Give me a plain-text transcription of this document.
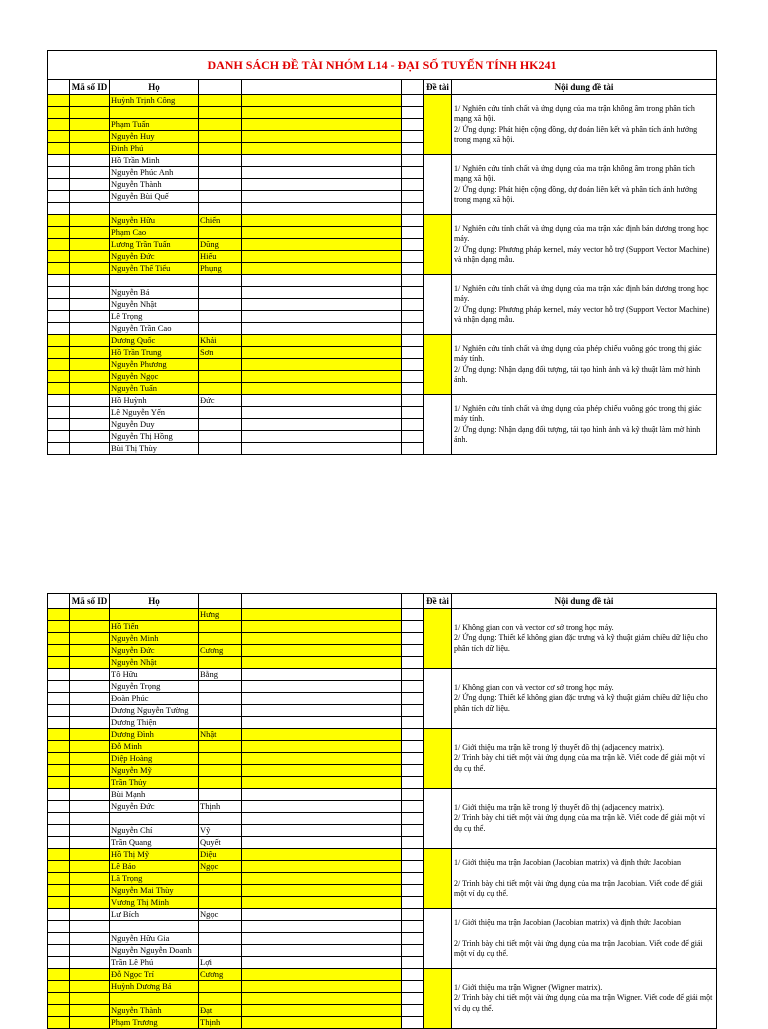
DANH SÁCH ĐỀ TÀI NHÓM L14 - ĐẠI SỐ TUYẾN TÍNH HK241							
	Mã số ID	Họ				Đề tài	Nội dung đề tài
		Huỳnh Trịnh Công					1/ Nghiên cứu tính chất và ứng dụng của ma trận không âm trong phân tích mạng xã hội.
2/ Ứng dụng: Phát hiện cộng đồng, dự đoán liên kết và phân tích ảnh hưởng trong mạng xã hội.

		Phạm Tuấn					
		Nguyễn Huy					
		Đinh Phú					
		Hồ Trần Minh					1/ Nghiên cứu tính chất và ứng dụng của ma trận không âm trong phân tích mạng xã hội.
2/ Ứng dụng: Phát hiện cộng đồng, dự đoán liên kết và phân tích ảnh hưởng trong mạng xã hội.
		Nguyễn Phúc Anh					
		Nguyễn Thành					
		Nguyễn Bùi Quế					

		Nguyễn Hữu	Chiến				1/ Nghiên cứu tính chất và ứng dụng của ma trận xác định bán dương trong học máy.
2/ Ứng dụng: Phương pháp kernel, máy vector hỗ trợ (Support Vector Machine) và nhận dạng mẫu.
		Phạm Cao					
		Lương Trần Tuấn	Dũng				
		Nguyễn Đức	Hiếu				
		Nguyễn Thế Tiểu	Phụng				
							1/ Nghiên cứu tính chất và ứng dụng của ma trận xác định bán dương trong học máy.
2/ Ứng dụng: Phương pháp kernel, máy vector hỗ trợ (Support Vector Machine) và nhận dạng mẫu.
		Nguyễn Bá					
		Nguyễn Nhật					
		Lê Trọng					
		Nguyễn Trần Cao					
		Dương Quốc	Khải				1/ Nghiên cứu tính chất và ứng dụng của phép chiếu vuông góc trong thị giác máy tính.
2/ Ứng dụng: Nhận dạng đối tượng, tái tạo hình ảnh và kỹ thuật làm mờ hình ảnh.
		Hồ Trần Trung	Sơn				
		Nguyễn Phương					
		Nguyễn Ngọc					
		Nguyễn Tuấn					
		Hồ Huỳnh	Đức				1/ Nghiên cứu tính chất và ứng dụng của phép chiếu vuông góc trong thị giác máy tính.
2/ Ứng dụng: Nhận dạng đối tượng, tái tạo hình ảnh và kỹ thuật làm mờ hình ảnh.
		Lê Nguyễn Yến					
		Nguyễn Duy					
		Nguyễn Thị Hồng					
		Bùi Thị Thùy					
	Mã số ID	Họ				Đề tài	Nội dung đề tài
			Hưng				1/ Không gian con và vector cơ sở trong học máy.
2/ Ứng dụng: Thiết kế không gian đặc trưng và kỹ thuật giảm chiều dữ liệu cho phân tích dữ liệu.
		Hồ Tiến					
		Nguyễn Minh					
		Nguyễn Đức	Cương				
		Nguyễn Nhật					
		Tô Hữu	Bằng				1/ Không gian con và vector cơ sở trong học máy.
2/ Ứng dụng: Thiết kế không gian đặc trưng và kỹ thuật giảm chiều dữ liệu cho phân tích dữ liệu.
		Nguyễn Trọng					
		Đoàn Phúc					
		Dương Nguyễn Tường					
		Dương Thiện					
		Dương Đình	Nhật				1/ Giới thiệu ma trận kề trong lý thuyết đồ thị (adjacency matrix).
2/ Trình bày chi tiết một vài ứng dụng của ma trận kề. Viết code để giải một ví dụ cụ thể.
		Đỗ Minh					
		Diệp Hoàng					
		Nguyễn Mỹ					
		Trần Thủy					
		Bùi Mạnh					1/ Giới thiệu ma trận kề trong lý thuyết đồ thị (adjacency matrix).
2/ Trình bày chi tiết một vài ứng dụng của ma trận kề. Viết code để giải một ví dụ cụ thể.
		Nguyễn Đức	Thịnh				

		Nguyễn Chí	Vỹ				
		Trần Quang	Quyết				
		Hồ Thị Mỹ	Diệu				1/ Giới thiệu ma trận Jacobian (Jacobian matrix) và định thức Jacobian

2/ Trình bày chi tiết một vài ứng dụng của ma trận Jacobian. Viết code để giải một ví dụ cụ thể.
		Lê Bảo	Ngọc				
		Lã Trọng					
		Nguyễn Mai Thùy					
		Vương Thị Minh					
		Lư Bích	Ngọc				1/ Giới thiệu ma trận Jacobian (Jacobian matrix) và định thức Jacobian

2/ Trình bày chi tiết một vài ứng dụng của ma trận Jacobian. Viết code để giải một ví dụ cụ thể.

		Nguyễn Hữu Gia					
		Nguyễn Nguyễn Doanh					
		Trần Lê Phú	Lợi				
		Đỗ Ngọc Trí	Cương				1/ Giới thiệu ma trận Wigner (Wigner matrix).
2/ Trình bày chi tiết một vài ứng dụng của ma trận Wigner. Viết code để giải một ví dụ cụ thể.
		Huỳnh Dương Bá					

		Nguyễn Thành	Đạt				
		Phạm Trương	Thịnh				
